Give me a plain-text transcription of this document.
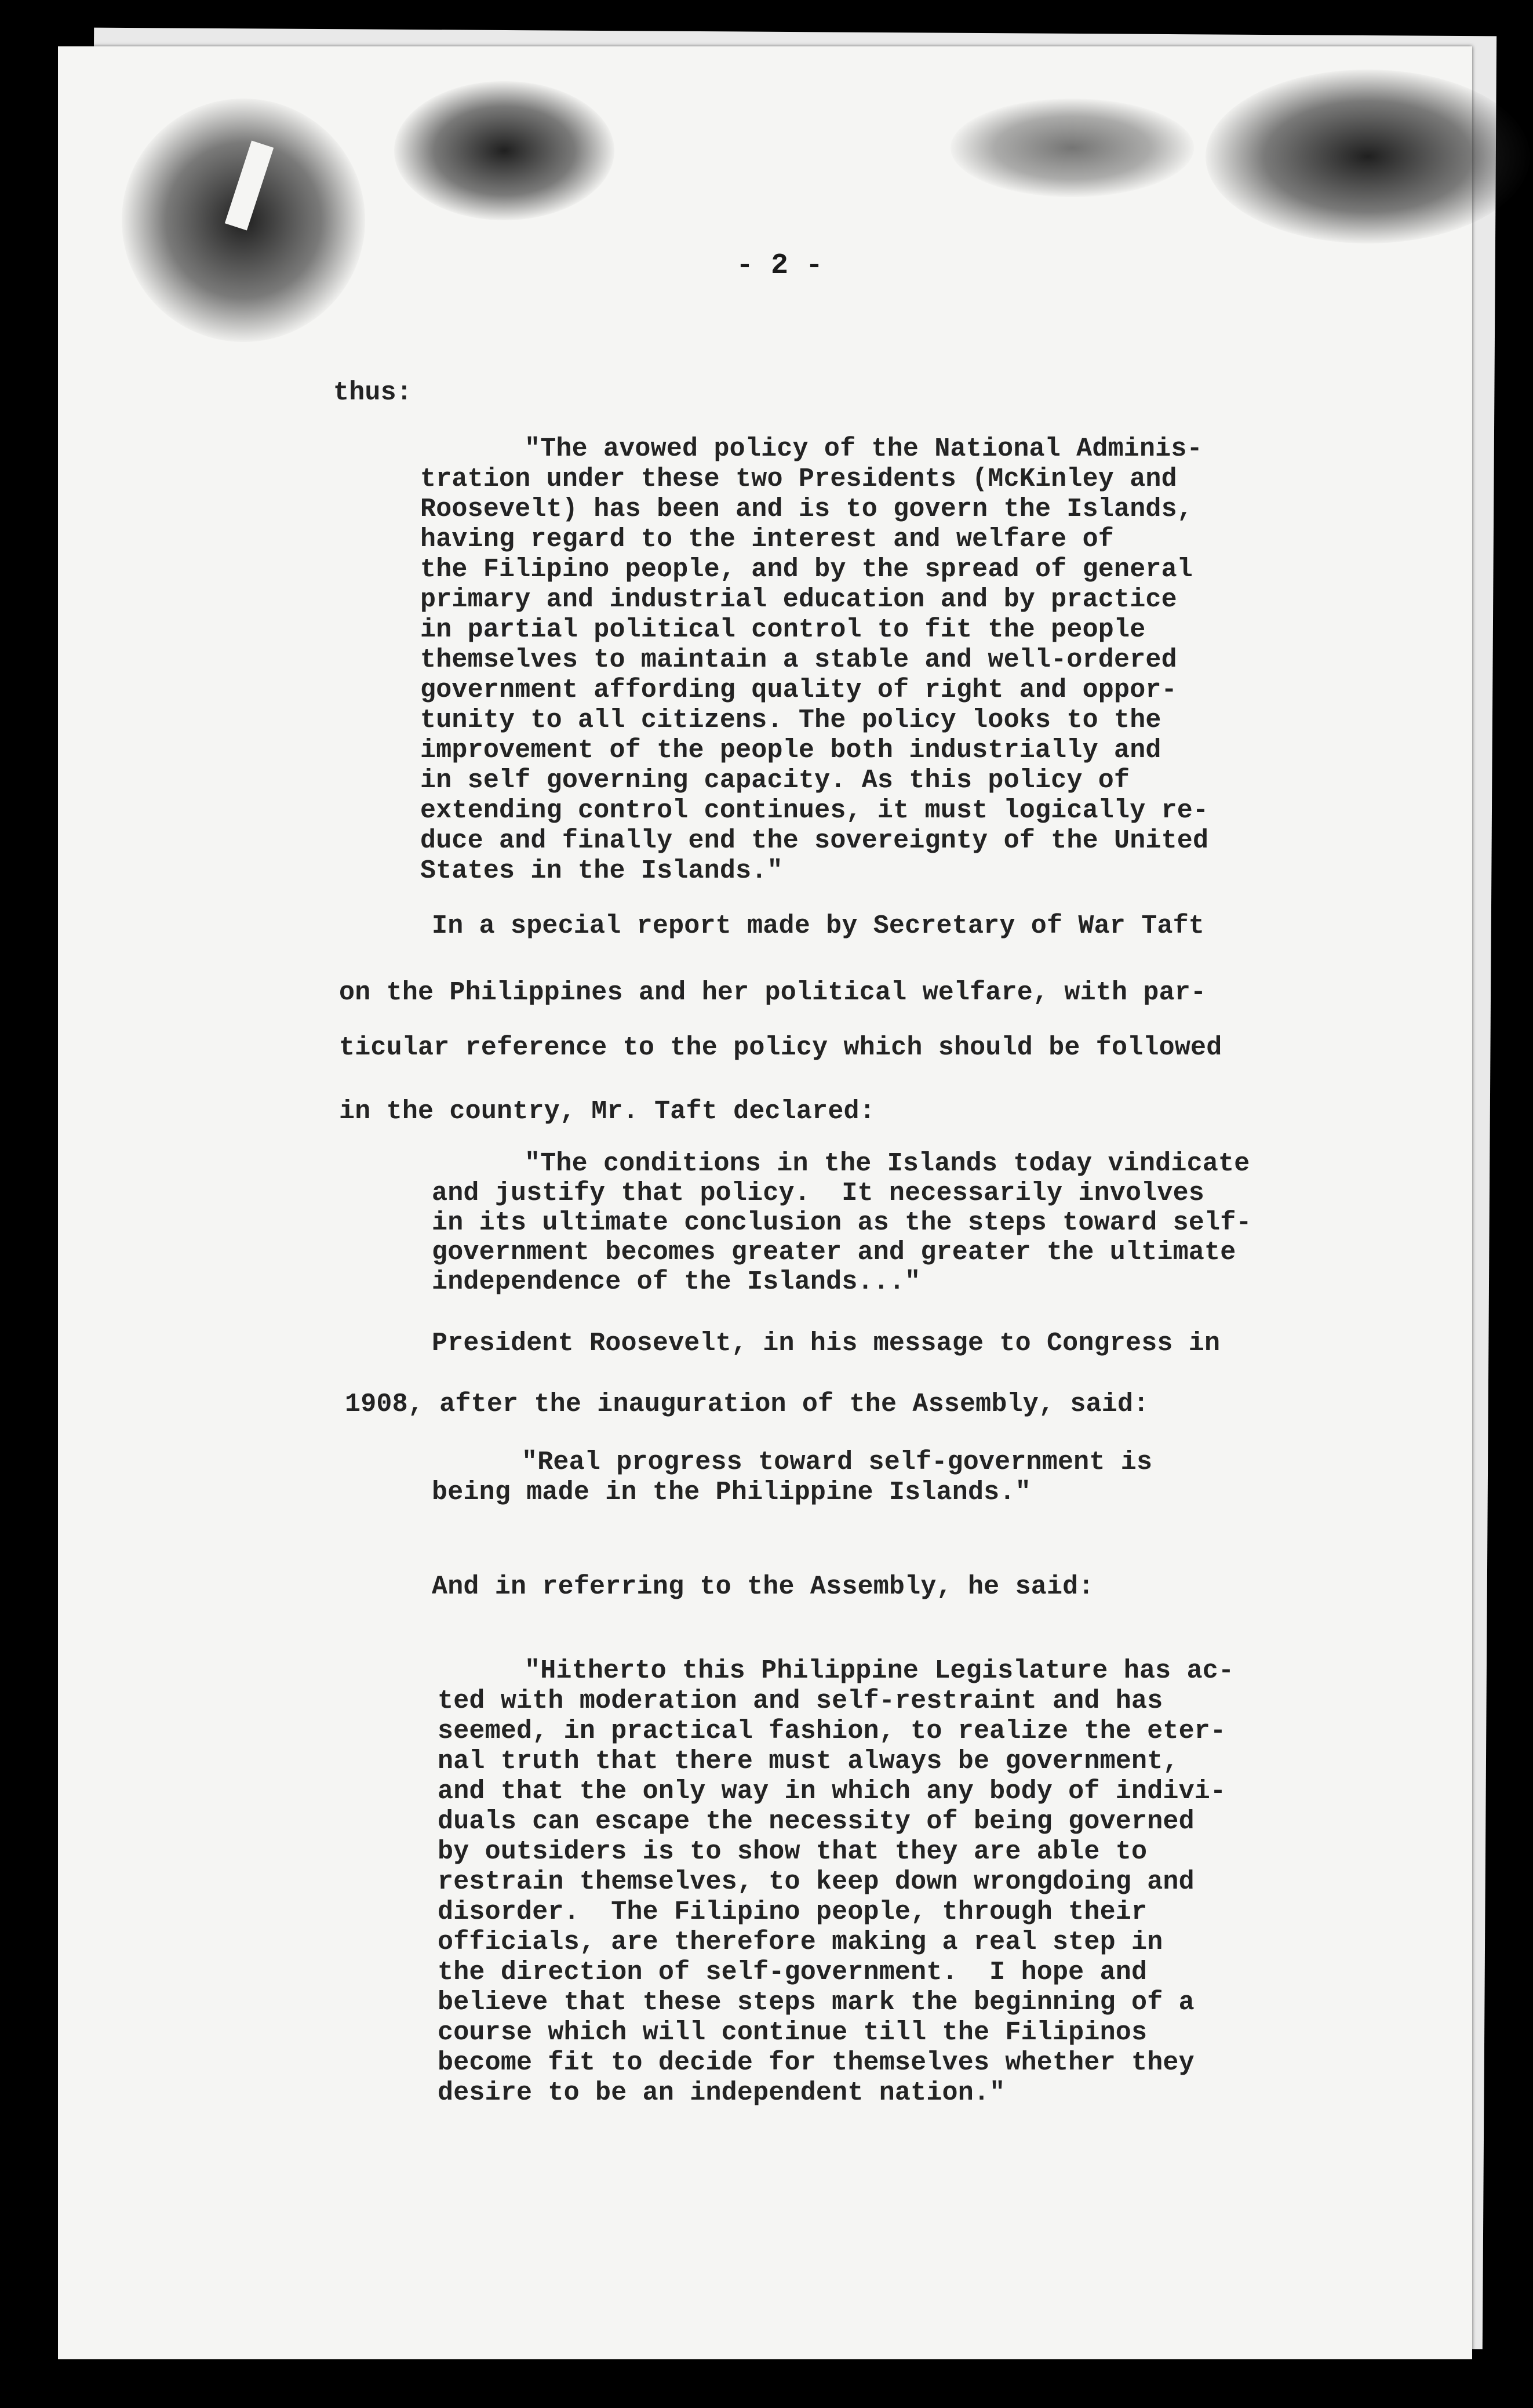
- 2 -
thus:
"The avowed policy of the National Adminis-
tration under these two Presidents (McKinley and
Roosevelt) has been and is to govern the Islands,
having regard to the interest and welfare of
the Filipino people, and by the spread of general
primary and industrial education and by practice
in partial political control to fit the people
themselves to maintain a stable and well-ordered
government affording quality of right and oppor-
tunity to all citizens. The policy looks to the
improvement of the people both industrially and
in self governing capacity. As this policy of
extending control continues, it must logically re-
duce and finally end the sovereignty of the United
States in the Islands."
In a special report made by Secretary of War Taft
on the Philippines and her political welfare, with par-
ticular reference to the policy which should be followed
in the country, Mr. Taft declared:
"The conditions in the Islands today vindicate
and justify that policy.  It necessarily involves
in its ultimate conclusion as the steps toward self-
government becomes greater and greater the ultimate
independence of the Islands..."
President Roosevelt, in his message to Congress in
1908, after the inauguration of the Assembly, said:
"Real progress toward self-government is
being made in the Philippine Islands."
And in referring to the Assembly, he said:
"Hitherto this Philippine Legislature has ac-
ted with moderation and self-restraint and has
seemed, in practical fashion, to realize the eter-
nal truth that there must always be government,
and that the only way in which any body of indivi-
duals can escape the necessity of being governed
by outsiders is to show that they are able to
restrain themselves, to keep down wrongdoing and
disorder.  The Filipino people, through their
officials, are therefore making a real step in
the direction of self-government.  I hope and
believe that these steps mark the beginning of a
course which will continue till the Filipinos
become fit to decide for themselves whether they
desire to be an independent nation."
